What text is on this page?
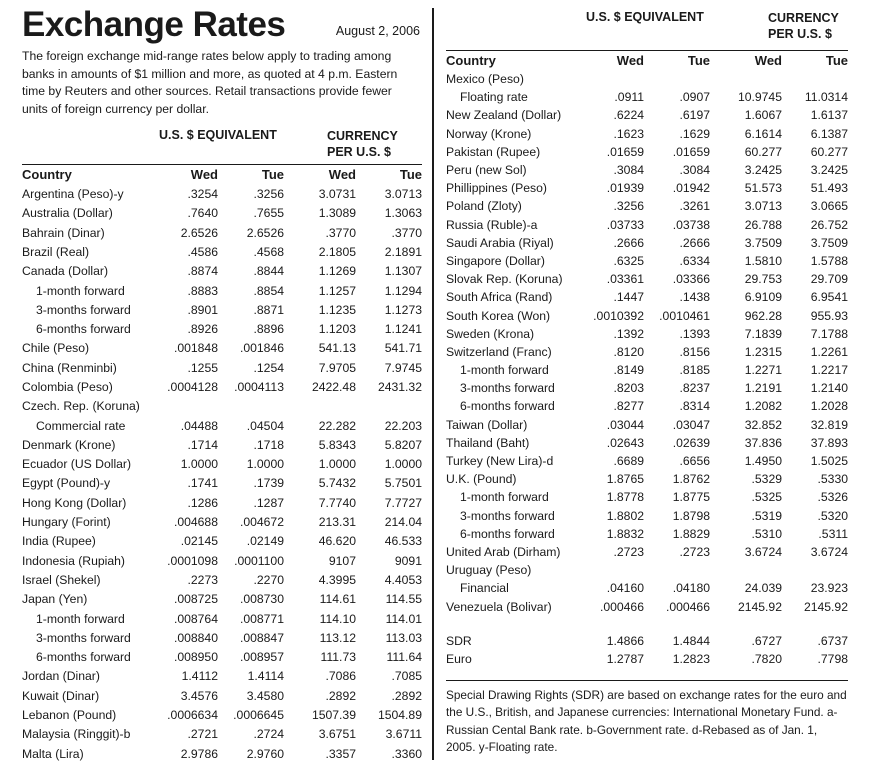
Exchange Rates	August 2, 2006
The foreign exchange mid-range rates below apply to trading among banks in amounts of $1 million and more, as quoted at 4 p.m. Eastern time by Reuters and other sources. Retail transactions provide fewer units of foreign currency per dollar.
U.S. $ EQUIVALENT	CURRENCY
PER U.S. $
Country	Wed	Tue	Wed	Tue
Argentina (Peso)-y	.3254	.3256	3.0731	3.0713
Australia (Dollar)	.7640	.7655	1.3089	1.3063
Bahrain (Dinar)	2.6526	2.6526	.3770	.3770
Brazil (Real)	.4586	.4568	2.1805	2.1891
Canada (Dollar)	.8874	.8844	1.1269	1.1307
1-month forward	.8883	.8854	1.1257	1.1294
3-months forward	.8901	.8871	1.1235	1.1273
6-months forward	.8926	.8896	1.1203	1.1241
Chile (Peso)	.001848	.001846	541.13	541.71
China (Renminbi)	.1255	.1254	7.9705	7.9745
Colombia (Peso)	.0004128	.0004113	2422.48	2431.32
Czech. Rep. (Koruna)
Commercial rate	.04488	.04504	22.282	22.203
Denmark (Krone)	.1714	.1718	5.8343	5.8207
Ecuador (US Dollar)	1.0000	1.0000	1.0000	1.0000
Egypt (Pound)-y	.1741	.1739	5.7432	5.7501
Hong Kong (Dollar)	.1286	.1287	7.7740	7.7727
Hungary (Forint)	.004688	.004672	213.31	214.04
India (Rupee)	.02145	.02149	46.620	46.533
Indonesia (Rupiah)	.0001098	.0001100	9107	9091
Israel (Shekel)	.2273	.2270	4.3995	4.4053
Japan (Yen)	.008725	.008730	114.61	114.55
1-month forward	.008764	.008771	114.10	114.01
3-months forward	.008840	.008847	113.12	113.03
6-months forward	.008950	.008957	111.73	111.64
Jordan (Dinar)	1.4112	1.4114	.7086	.7085
Kuwait (Dinar)	3.4576	3.4580	.2892	.2892
Lebanon (Pound)	.0006634	.0006645	1507.39	1504.89
Malaysia (Ringgit)-b	.2721	.2724	3.6751	3.6711
Malta (Lira)	2.9786	2.9760	.3357	.3360
U.S. $ EQUIVALENT	CURRENCY
PER U.S. $
Country	Wed	Tue	Wed	Tue
Mexico (Peso)
Floating rate	.0911	.0907	10.9745	11.0314
New Zealand (Dollar)	.6224	.6197	1.6067	1.6137
Norway (Krone)	.1623	.1629	6.1614	6.1387
Pakistan (Rupee)	.01659	.01659	60.277	60.277
Peru (new Sol)	.3084	.3084	3.2425	3.2425
Phillippines (Peso)	.01939	.01942	51.573	51.493
Poland (Zloty)	.3256	.3261	3.0713	3.0665
Russia (Ruble)-a	.03733	.03738	26.788	26.752
Saudi Arabia (Riyal)	.2666	.2666	3.7509	3.7509
Singapore (Dollar)	.6325	.6334	1.5810	1.5788
Slovak Rep. (Koruna)	.03361	.03366	29.753	29.709
South Africa (Rand)	.1447	.1438	6.9109	6.9541
South Korea (Won)	.0010392	.0010461	962.28	955.93
Sweden (Krona)	.1392	.1393	7.1839	7.1788
Switzerland (Franc)	.8120	.8156	1.2315	1.2261
1-month forward	.8149	.8185	1.2271	1.2217
3-months forward	.8203	.8237	1.2191	1.2140
6-months forward	.8277	.8314	1.2082	1.2028
Taiwan (Dollar)	.03044	.03047	32.852	32.819
Thailand (Baht)	.02643	.02639	37.836	37.893
Turkey (New Lira)-d	.6689	.6656	1.4950	1.5025
U.K. (Pound)	1.8765	1.8762	.5329	.5330
1-month forward	1.8778	1.8775	.5325	.5326
3-months forward	1.8802	1.8798	.5319	.5320
6-months forward	1.8832	1.8829	.5310	.5311
United Arab (Dirham)	.2723	.2723	3.6724	3.6724
Uruguay (Peso)
Financial	.04160	.04180	24.039	23.923
Venezuela (Bolivar)	.000466	.000466	2145.92	2145.92
SDR	1.4866	1.4844	.6727	.6737
Euro	1.2787	1.2823	.7820	.7798
Special Drawing Rights (SDR) are based on exchange rates for the euro and the U.S., British, and Japanese currencies: International Monetary Fund. a-Russian Cental Bank rate. b-Government rate. d-Rebased as of Jan. 1, 2005. y-Floating rate.
